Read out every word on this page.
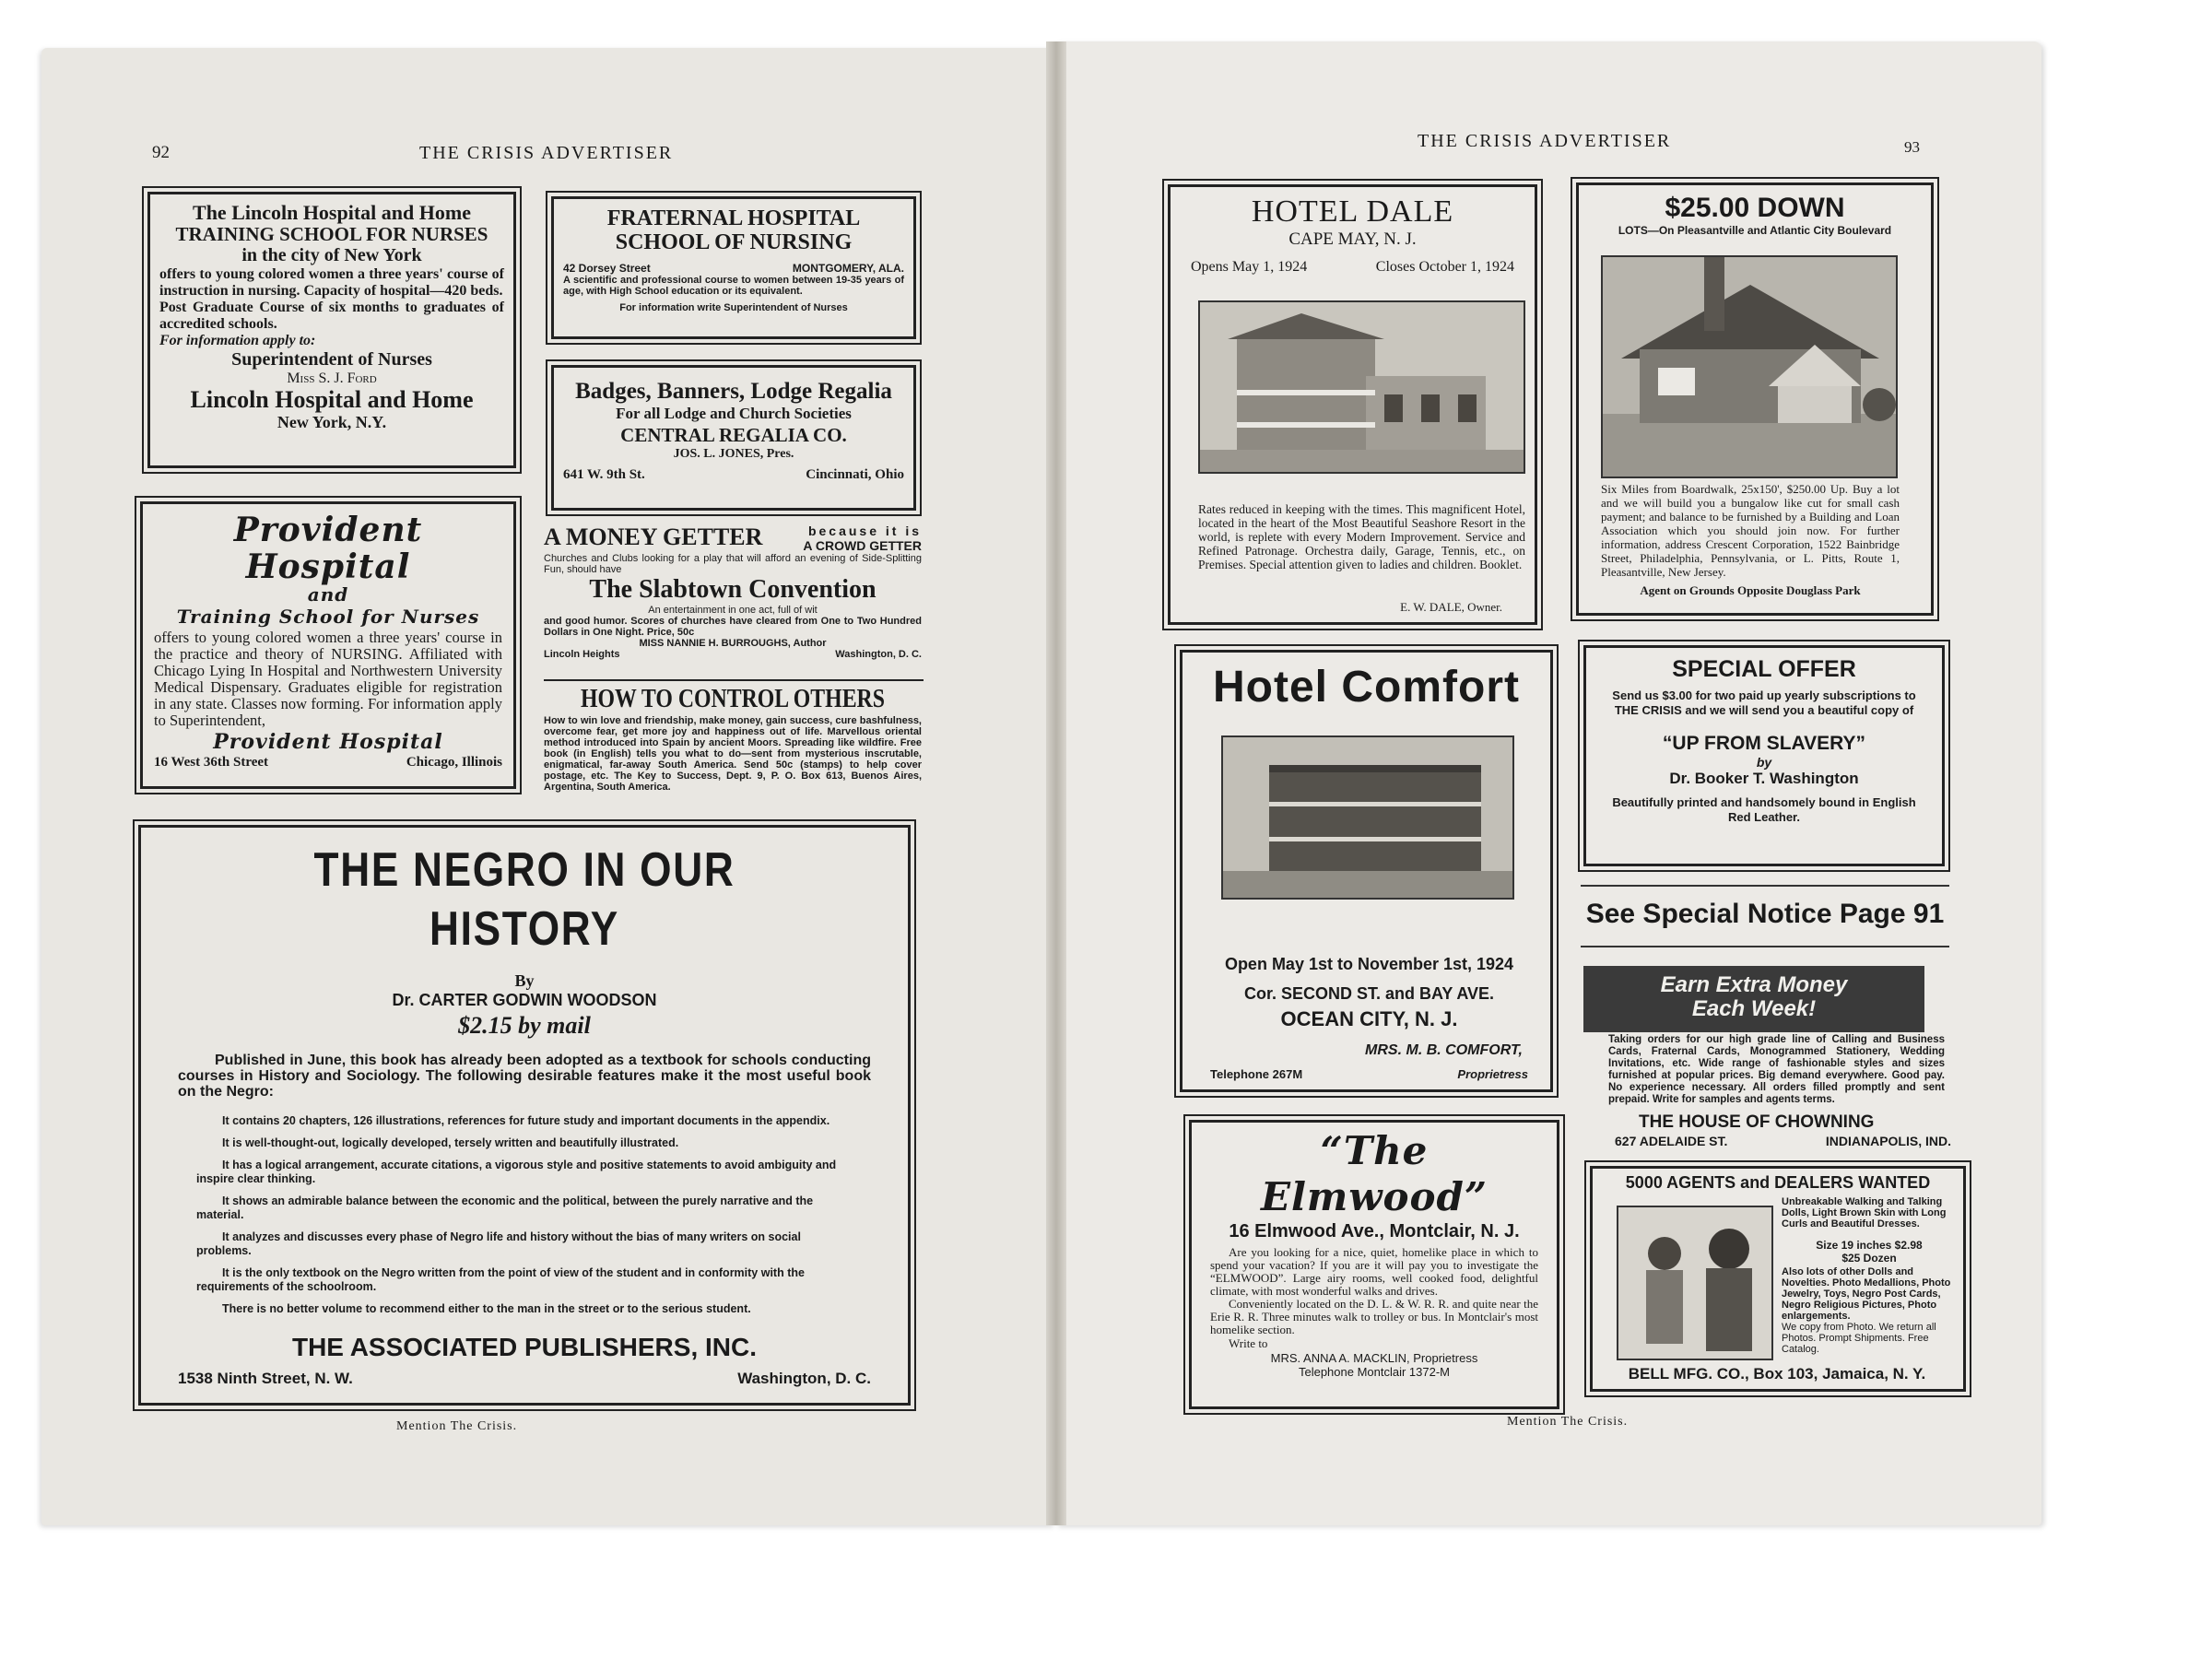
92	THE CRISIS ADVERTISER
The Lincoln Hospital and Home
TRAINING SCHOOL FOR NURSES
in the city of New York
offers to young colored women a three years' course of instruction in nursing. Capacity of hospital—420 beds.
Post Graduate Course of six months to graduates of accredited schools.
For information apply to:
Superintendent of Nurses
Miss S. J. Ford
Lincoln Hospital and Home
New York, N.Y.
FRATERNAL HOSPITAL SCHOOL OF NURSING
42 Dorsey Street	MONTGOMERY, ALA.
A scientific and professional course to women between 19-35 years of age, with High School education or its equivalent.
For information write Superintendent of Nurses
Badges, Banners, Lodge Regalia
For all Lodge and Church Societies
CENTRAL REGALIA CO.
JOS. L. JONES, Pres.
641 W. 9th St.	Cincinnati, Ohio
Provident Hospital
and
Training School for Nurses
offers to young colored women a three years' course in the practice and theory of NURSING. Affiliated with Chicago Lying In Hospital and Northwestern University Medical Dispensary. Graduates eligible for registration in any state. Classes now forming. For information apply to Superintendent,
Provident Hospital
16 West 36th Street	Chicago, Illinois
A MONEY GETTER	because it is
A CROWD GETTER
Churches and Clubs looking for a play that will afford an evening of Side-Splitting Fun, should have
The Slabtown Convention
An entertainment in one act, full of wit
and good humor. Scores of churches have cleared from One to Two Hundred Dollars in One Night. Price, 50c
MISS NANNIE H. BURROUGHS, Author
Lincoln Heights	Washington, D. C.
HOW TO CONTROL OTHERS
How to win love and friendship, make money, gain success, cure bashfulness, overcome fear, get more joy and happiness out of life. Marvellous oriental method introduced into Spain by ancient Moors. Spreading like wildfire. Free book (in English) tells you what to do—sent from mysterious inscrutable, enigmatical, far-away South America. Send 50c (stamps) to help cover postage, etc. The Key to Success, Dept. 9, P. O. Box 613, Buenos Aires, Argentina, South America.
THE NEGRO IN OUR HISTORY
By
Dr. CARTER GODWIN WOODSON
$2.15 by mail
Published in June, this book has already been adopted as a textbook for schools conducting courses in History and Sociology. The following desirable features make it the most useful book on the Negro:
It contains 20 chapters, 126 illustrations, references for future study and important documents in the appendix.
It is well-thought-out, logically developed, tersely written and beautifully illustrated.
It has a logical arrangement, accurate citations, a vigorous style and positive statements to avoid ambiguity and inspire clear thinking.
It shows an admirable balance between the economic and the political, between the purely narrative and the material.
It analyzes and discusses every phase of Negro life and history without the bias of many writers on social problems.
It is the only textbook on the Negro written from the point of view of the student and in conformity with the requirements of the schoolroom.
There is no better volume to recommend either to the man in the street or to the serious student.
THE ASSOCIATED PUBLISHERS, INC.
1538 Ninth Street, N. W.	Washington, D. C.
Mention The Crisis.
THE CRISIS ADVERTISER	93
HOTEL DALE
CAPE MAY, N. J.
Opens May 1, 1924	Closes October 1, 1924
Rates reduced in keeping with the times. This magnificent Hotel, located in the heart of the Most Beautiful Seashore Resort in the world, is replete with every Modern Improvement. Service and Refined Patronage. Orchestra daily, Garage, Tennis, etc., on Premises. Special attention given to ladies and children. Booklet.
E. W. DALE, Owner.
$25.00 DOWN
LOTS—On Pleasantville and Atlantic City Boulevard
Six Miles from Boardwalk, 25x150', $250.00 Up. Buy a lot and we will build you a bungalow like cut for small cash payment; and balance to be furnished by a Building and Loan Association which you should join now. For further information, address Crescent Corporation, 1522 Bainbridge Street, Philadelphia, Pennsylvania, or L. Pitts, Route 1, Pleasantville, New Jersey.
Agent on Grounds Opposite Douglass Park
Hotel Comfort
Open May 1st to November 1st, 1924
Cor. SECOND ST. and BAY AVE.
OCEAN CITY, N. J.
MRS. M. B. COMFORT,
Telephone 267M	Proprietress
SPECIAL OFFER
Send us $3.00 for two paid up yearly subscriptions to THE CRISIS and we will send you a beautiful copy of
“UP FROM SLAVERY”
by
Dr. Booker T. Washington
Beautifully printed and handsomely bound in English Red Leather.
See Special Notice Page 91
Earn Extra Money
Each Week!
Taking orders for our high grade line of Calling and Business Cards, Fraternal Cards, Monogrammed Stationery, Wedding Invitations, etc. Wide range of fashionable styles and sizes furnished at popular prices. Big demand everywhere. Good pay. No experience necessary. All orders filled promptly and sent prepaid. Write for samples and agents terms.
THE HOUSE OF CHOWNING
627 ADELAIDE ST.	INDIANAPOLIS, IND.
“The Elmwood”
16 Elmwood Ave., Montclair, N. J.
Are you looking for a nice, quiet, homelike place in which to spend your vacation? If you are it will pay you to investigate the “ELMWOOD”. Large airy rooms, well cooked food, delightful climate, with most wonderful walks and drives.
Conveniently located on the D. L. & W. R. R. and quite near the Erie R. R. Three minutes walk to trolley or bus. In Montclair's most homelike section.
Write to
MRS. ANNA A. MACKLIN, Proprietress
Telephone Montclair 1372-M
5000 AGENTS and DEALERS WANTED
Unbreakable Walking and Talking Dolls, Light Brown Skin with Long Curls and Beautiful Dresses.
Size 19 inches $2.98
$25 Dozen
Also lots of other Dolls and Novelties. Photo Medallions, Photo Jewelry, Toys, Negro Post Cards, Negro Religious Pictures, Photo enlargements.
We copy from Photo. We return all Photos. Prompt Shipments. Free Catalog.
BELL MFG. CO., Box 103, Jamaica, N. Y.
Mention The Crisis.
